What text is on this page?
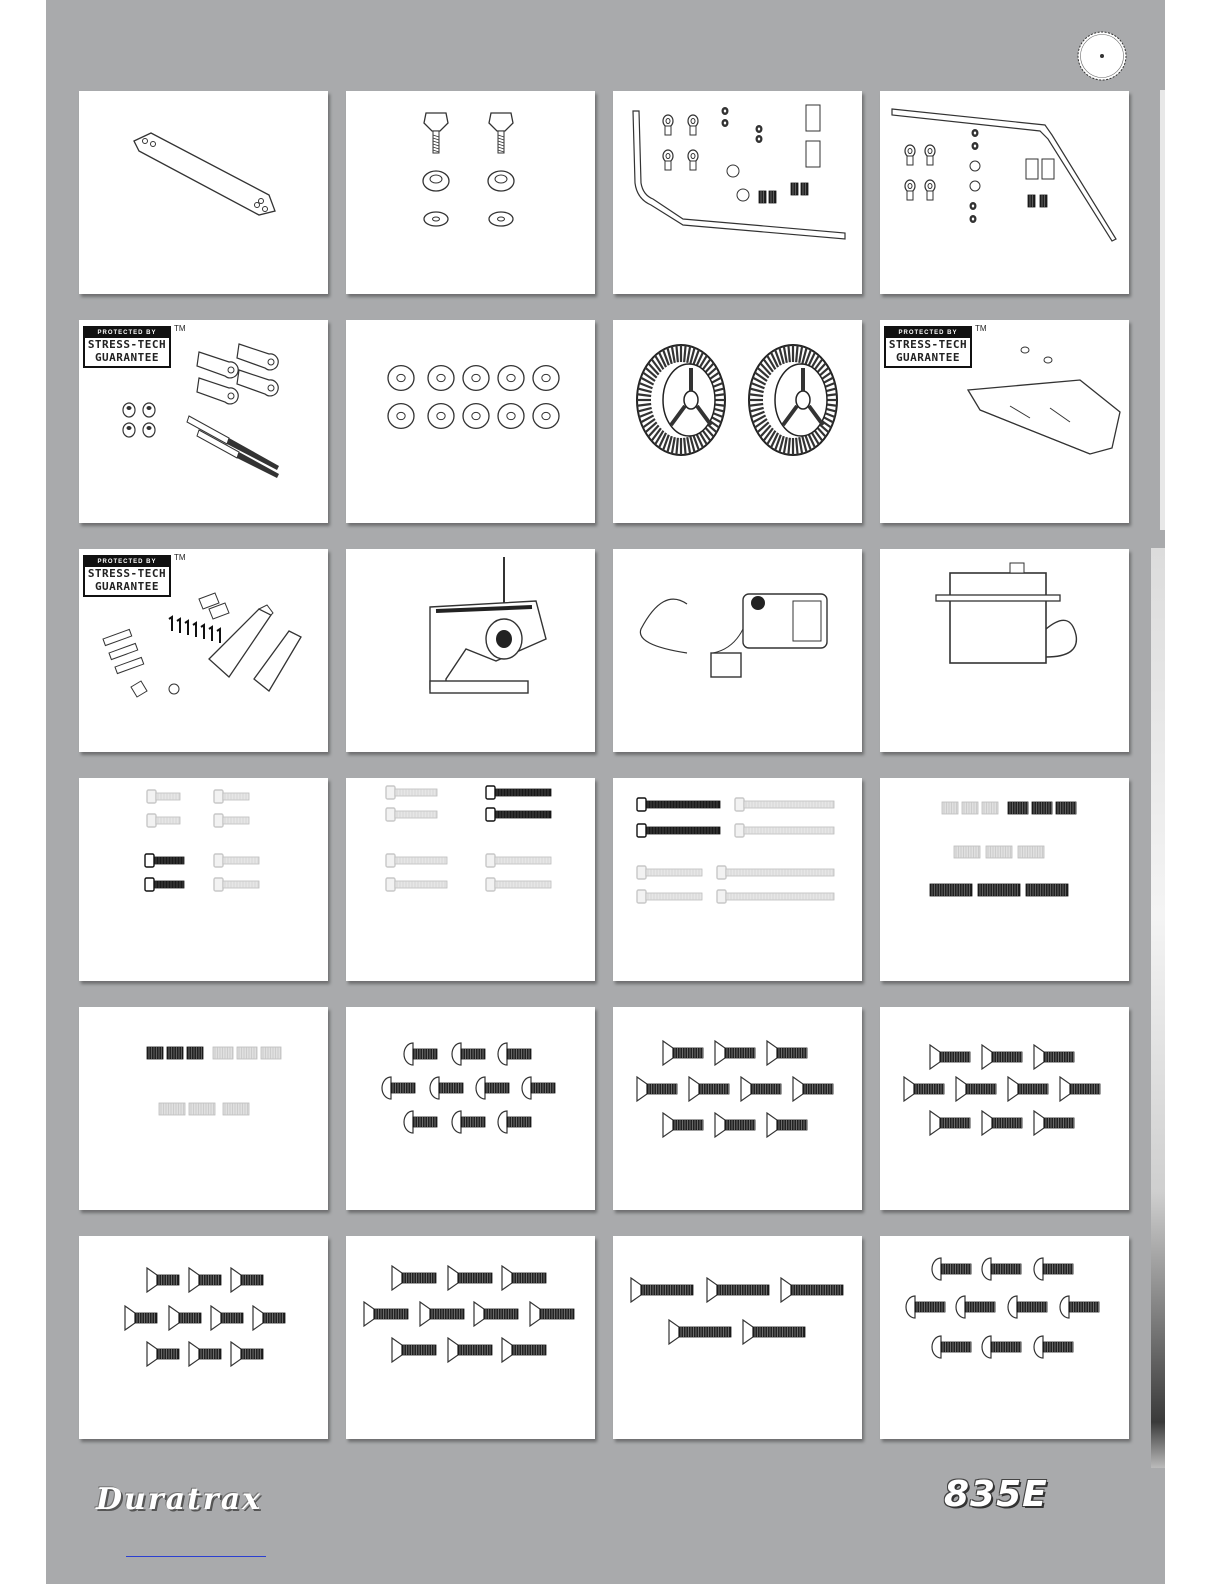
PROTECTED BY
STRESS-TECH
GUARANTEE
TM	PROTECTED BY
STRESS-TECH
GUARANTEE
TM
PROTECTED BY
STRESS-TECH
GUARANTEE
TM
Duratrax	835E
